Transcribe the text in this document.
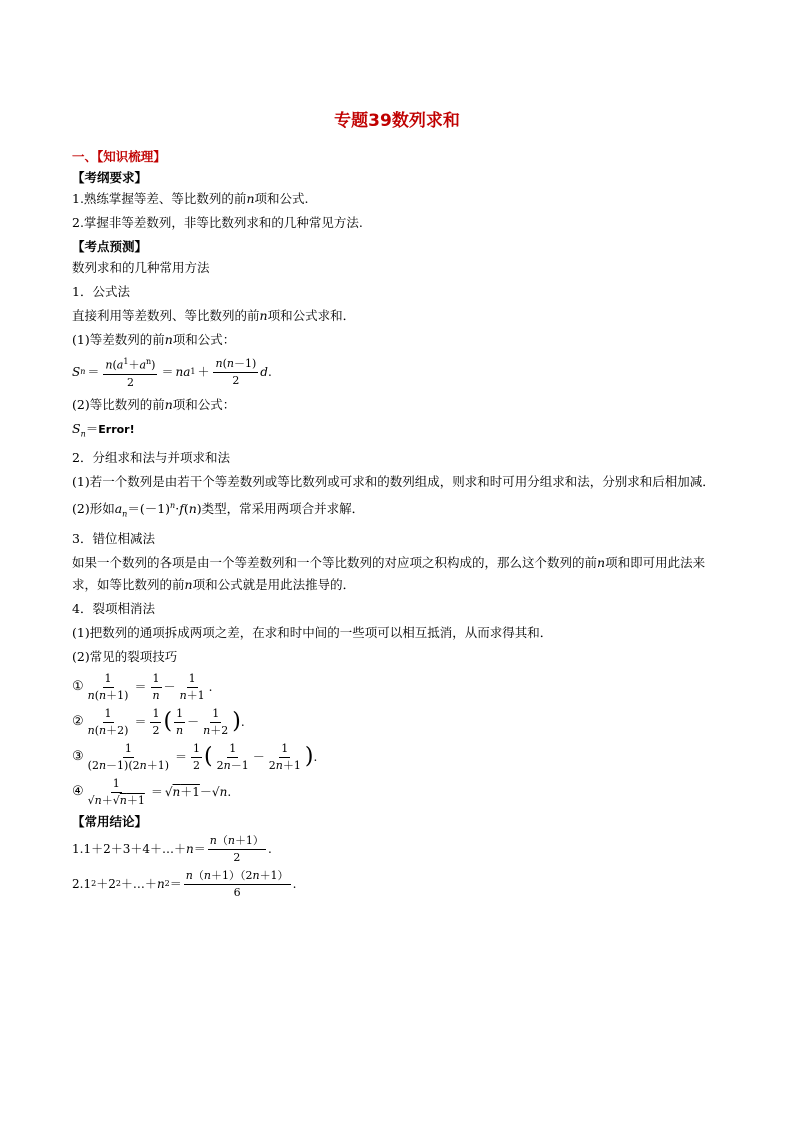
专题39数列求和
一、【知识梳理】
【考纲要求】
1.熟练掌握等差、等比数列的前n项和公式.
2.掌握非等差数列，非等比数列求和的几种常见方法.
【考点预测】
数列求和的几种常用方法
1．公式法
直接利用等差数列、等比数列的前n项和公式求和．
(1)等差数列的前n项和公式：
S $n = \frac{n(a^1+a^n)}{2}$ ＝ na $1 + \frac{n(n-1)}{2}$ d .
(2)等比数列的前n项和公式：
$S_n=Error$!
2．分组求和法与并项求和法
(1)若一个数列是由若干个等差数列或等比数列或可求和的数列组成，则求和时可用分组求和法，分别求和后相加减．
(2)形如$a_n=(-1)^n\cdot f(n)$类型，常采用两项合并求解．
3．错位相减法
如果一个数列的各项是由一个等差数列和一个等比数列的对应项之积构成的，那么这个数列的前n项和即可用此法来求，如等比数列的前n项和公式就是用此法推导的．
4．裂项相消法
(1)把数列的通项拆成两项之差，在求和时中间的一些项可以相互抵消，从而求得其和．
(2)常见的裂项技巧
① $\frac{1}{n(n+1)} = \frac{1}{n} - \frac{1}{n+1}$ .
② $\frac{1}{n(n+2)} = \frac{1}{2}$ ( $\frac{1}{n} - \frac{1}{n+2}$ ) .
③ $\frac{1}{(2n-1)(2n+1)} = \frac{1}{2}$ ( $\frac{1}{2n-1} - \frac{1}{2n+1}$ ) .
④ $\frac{1}{√n+√n+1}$ ＝ √ n＋1 －√ n .
【常用结论】
1.1＋2＋3＋4＋…＋ $n = \frac{n(n+1)}{2}$ .
2.1 2 ＋2 2 ＋…＋ n $2 = \frac{n(n+1)(2n+1)}{6}$ .
